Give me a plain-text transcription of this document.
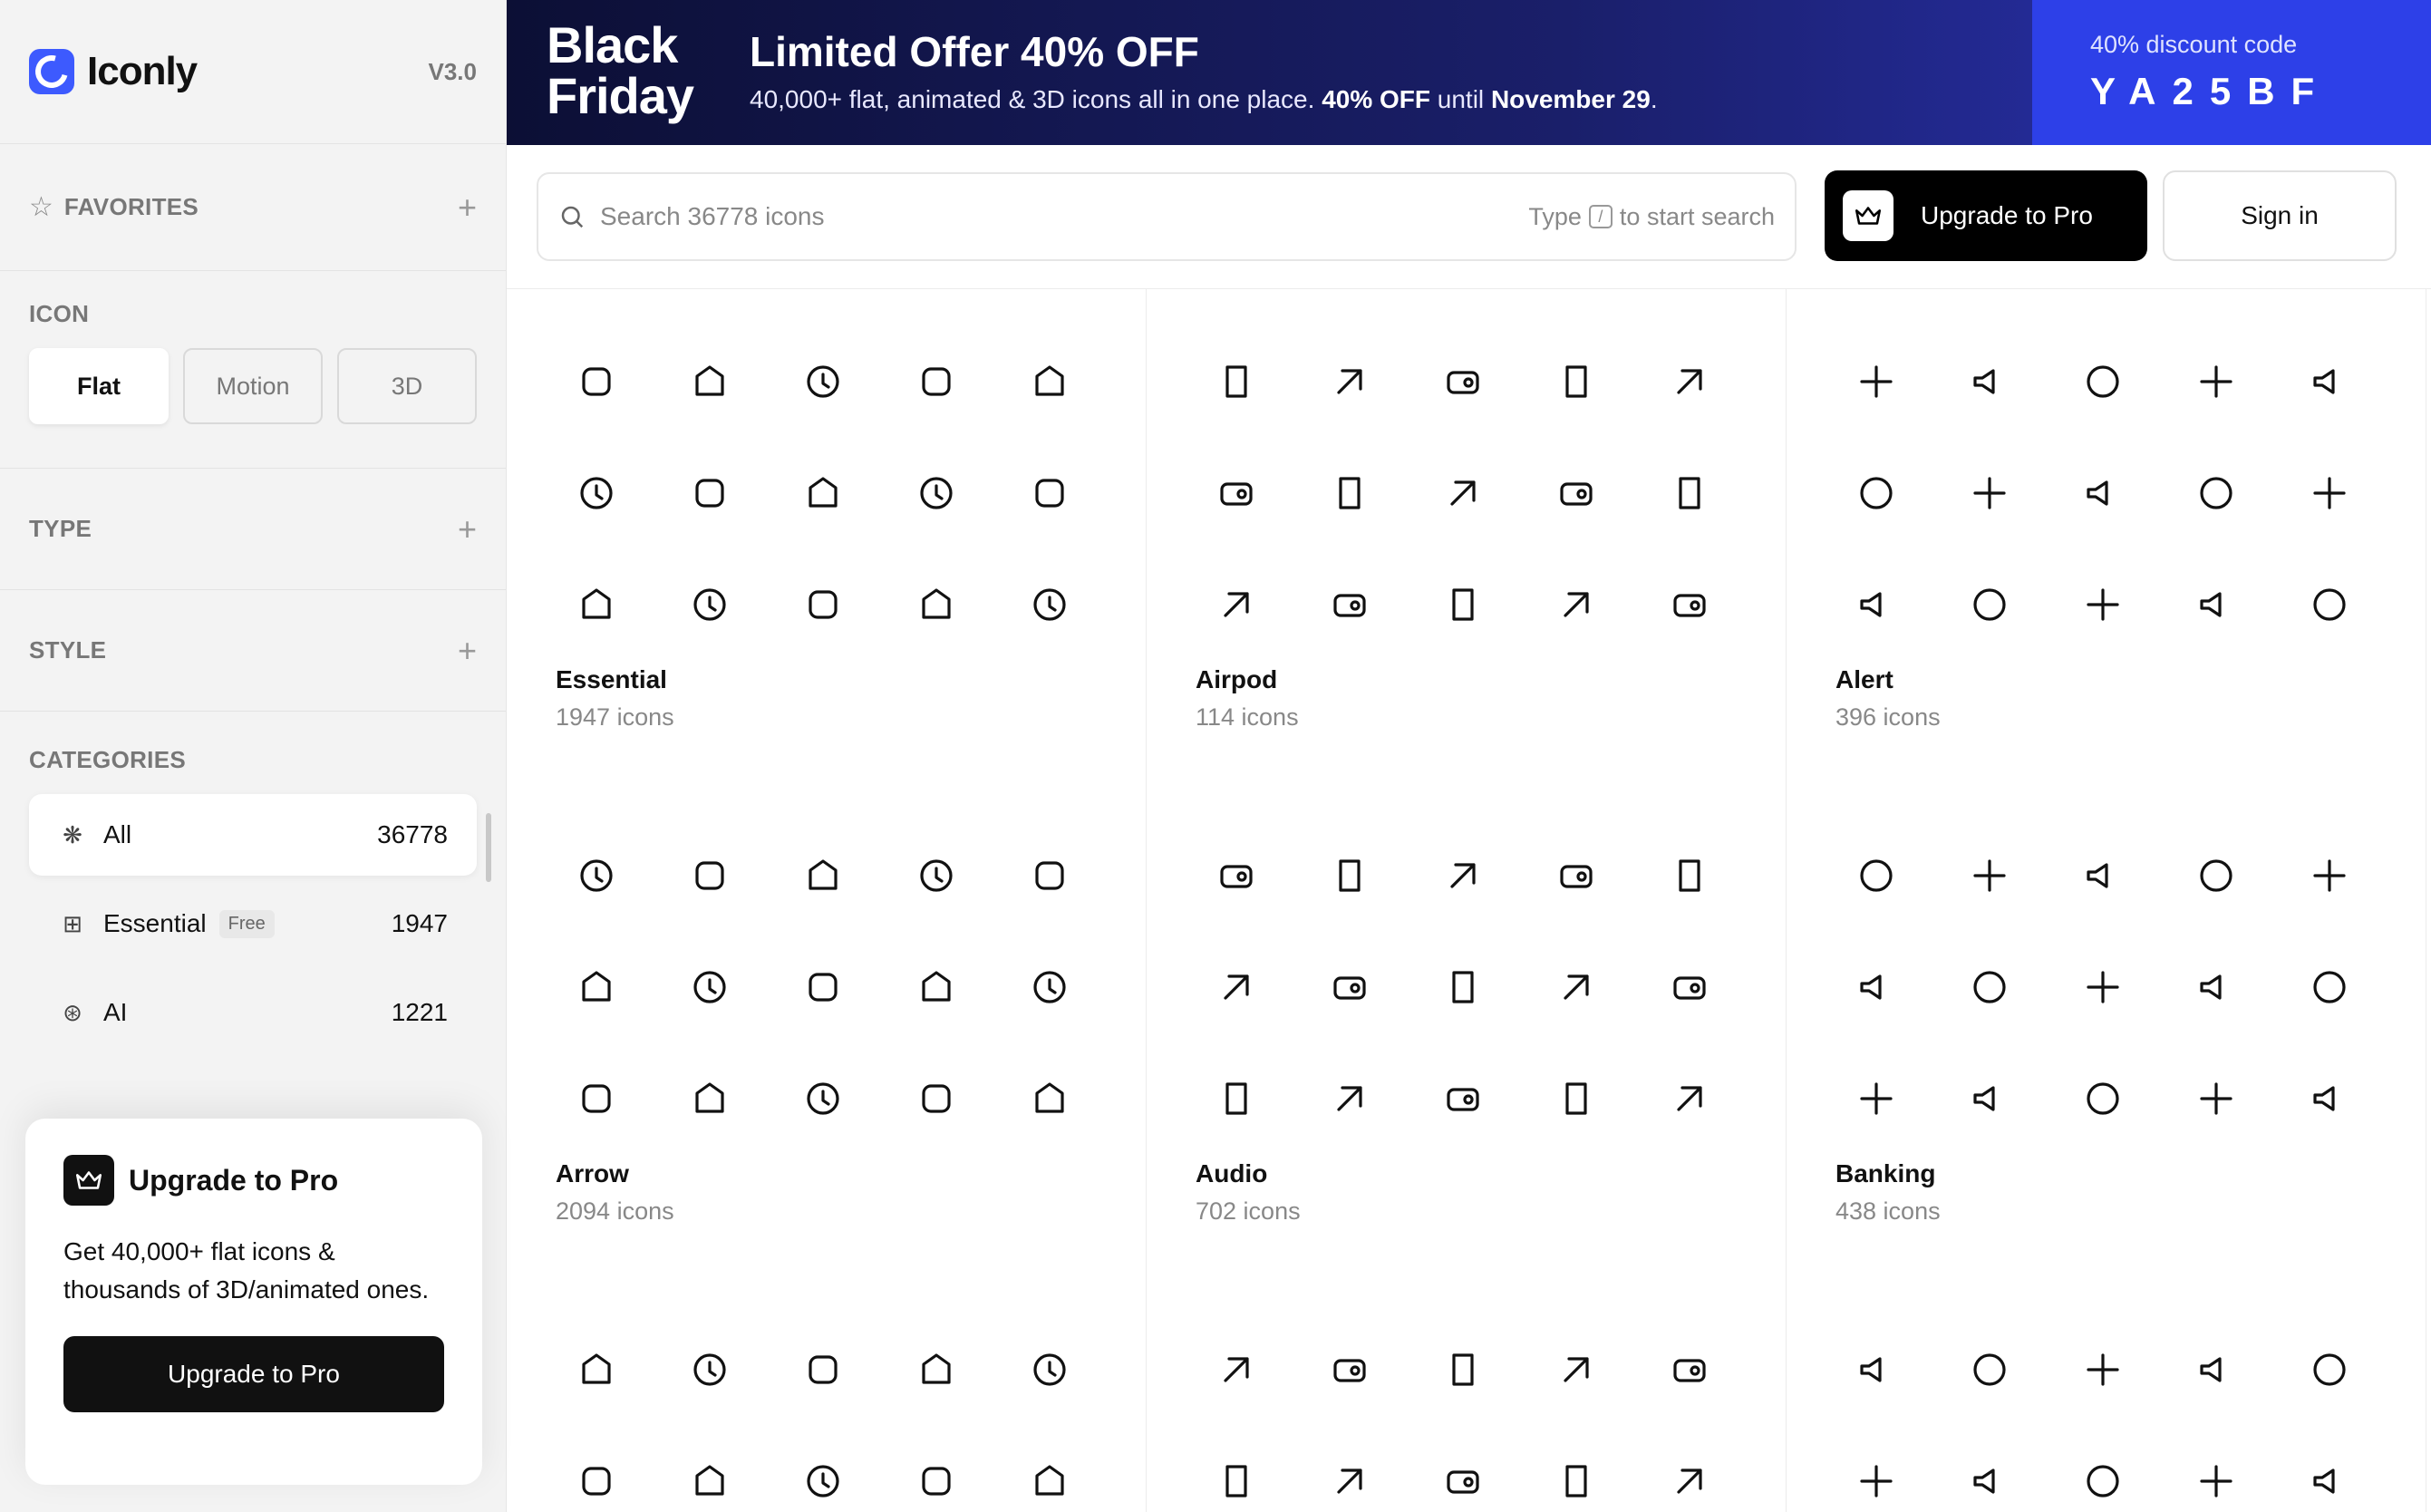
Iconly	V3.0
☆ FAVORITES	+
ICON
Flat	Motion	3D
TYPE	+
STYLE	+
CATEGORIES
❋ All	36778
⊞ Essential	Free	1947
⊛ AI	1221
Upgrade to Pro

Get 40,000+ flat icons & thousands of 3D/animated ones.

Upgrade to Pro
Black
Friday
Limited Offer 40% OFF
40,000+ flat, animated & 3D icons all in one place. 40% OFF until November 29.
40% discount code
YA25BF
Search 36778 icons
Type	/ to start search	Upgrade to Pro	Sign in
Essential
1947 icons
Airpod
114 icons
Alert
396 icons
Arrow
2094 icons
Audio
702 icons
Banking
438 icons
